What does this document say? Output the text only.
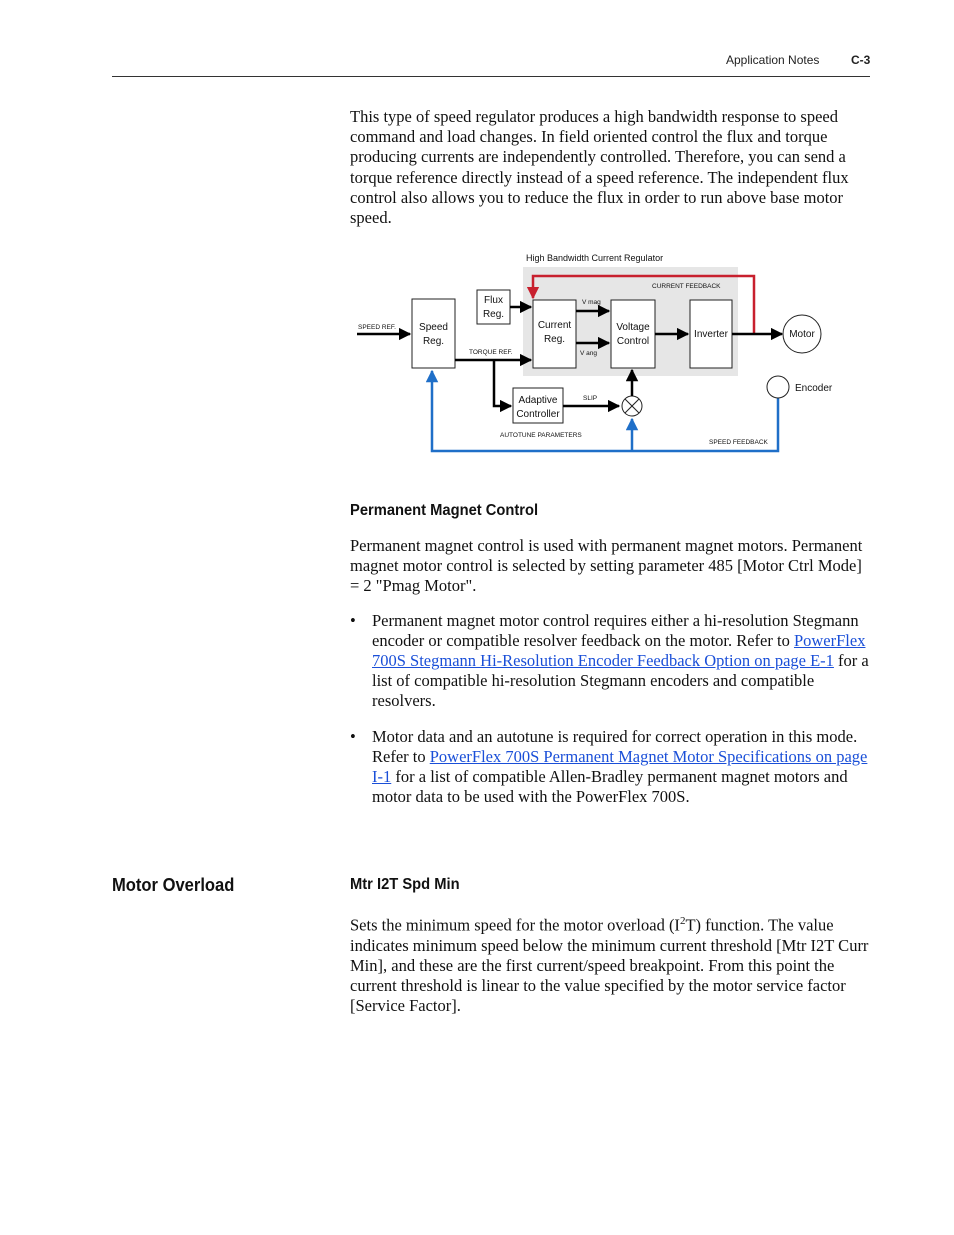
Application Notes	C-3

This type of speed regulator produces a high bandwidth response to speed command and load changes. In field oriented control the flux and torque producing currents are independently controlled. Therefore, you can send a torque reference directly instead of a speed reference. The independent flux control also allows you to reduce the flux in order to run above base motor speed.

High Bandwidth Current Regulator
CURRENT FEEDBACK
SPEED FEEDBACK
SPEED REF. Speed
Reg.
Flux
Reg.
TORQUE REF.
Current
Reg.
V mag
V ang
Voltage
Control
Inverter	Motor
Encoder
Adaptive
Controller
AUTOTUNE PARAMETERS
SLIP
Permanent Magnet Control

Permanent magnet control is used with permanent magnet motors. Permanent magnet motor control is selected by setting parameter 485 [Motor Ctrl Mode] = 2 "Pmag Motor".

• Permanent magnet motor control requires either a hi-resolution Stegmann encoder or compatible resolver feedback on the motor. Refer to PowerFlex 700S Stegmann Hi-Resolution Encoder Feedback Option on page E-1 for a list of compatible hi-resolution Stegmann encoders and compatible resolvers.
• Motor data and an autotune is required for correct operation in this mode. Refer to PowerFlex 700S Permanent Magnet Motor Specifications on page I-1 for a list of compatible Allen-Bradley permanent magnet motors and motor data to be used with the PowerFlex 700S.
Motor Overload	Mtr I2T Spd Min

Sets the minimum speed for the motor overload $(I^2T)$ function. The value indicates minimum speed below the minimum current threshold [Mtr I2T Curr Min], and these are the first current/speed breakpoint. From this point the current threshold is linear to the value specified by the motor service factor [Service Factor].
